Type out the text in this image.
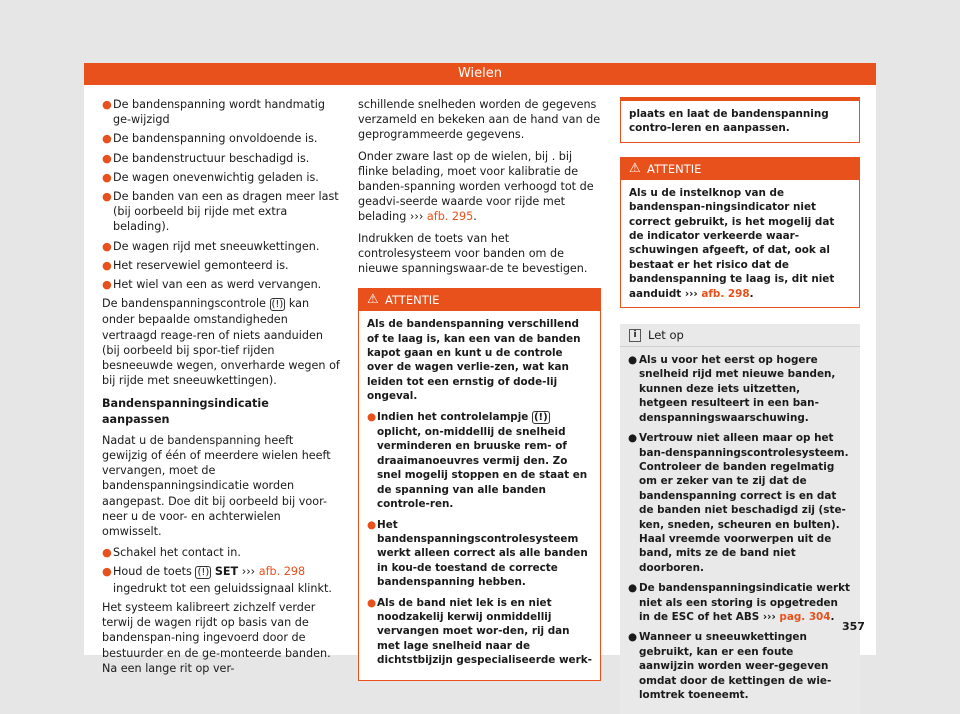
Wielen

● De bandenspanning wordt handmatig ge-wijzigd

● De bandenspanning onvoldoende is.

● De bandenstructuur beschadigd is.

● De wagen onevenwichtig geladen is.

● De banden van een as dragen meer last (bij oorbeeld bij rijde met extra belading).

● De wagen rijd met sneeuwkettingen.

● Het reservewiel gemonteerd is.

● Het wiel van een as werd vervangen.

De bandenspanningscontrole (!) kan onder bepaalde omstandigheden vertraagd reage-ren of niets aanduiden (bij oorbeeld bij spor-tief rijden besneeuwde wegen, onverharde wegen of bij rijde met sneeuwkettingen).

Bandenspanningsindicatie aanpassen

Nadat u de bandenspanning heeft gewijzig of één of meerdere wielen heeft vervangen, moet de bandenspanningsindicatie worden aangepast. Doe dit bij oorbeeld bij voor-neer u de voor- en achterwielen omwisselt.

● Schakel het contact in.

● Houd de toets (!) SET ››› afb. 298 ingedrukt tot een geluidssignaal klinkt.

Het systeem kalibreert zichzelf verder terwij de wagen rijdt op basis van de bandenspan-ning ingevoerd door de bestuurder en de ge-monteerde banden. Na een lange rit op ver-

schillende snelheden worden de gegevens verzameld en bekeken aan de hand van de geprogrammeerde gegevens.

Onder zware last op de wielen, bij . bij flinke belading, moet voor kalibratie de banden-spanning worden verhoogd tot de geadvi-seerde waarde voor rijde met belading ››› afb. 295.

Indrukken de toets van het controlesysteem voor banden om de nieuwe spanningswaar-de te bevestigen.

⚠ ATTENTIE

Als de bandenspanning verschillend of te laag is, kan een van de banden kapot gaan en kunt u de controle over de wagen verlie-zen, wat kan leiden tot een ernstig of dode-lij ongeval.

● Indien het controlelampje (!) oplicht, on-middellij de snelheid verminderen en bruuske rem- of draaimanoeuvres vermij den. Zo snel mogelij stoppen en de staat en de spanning van alle banden controle-ren.

● Het bandenspanningscontrolesysteem werkt alleen correct als alle banden in kou-de toestand de correcte bandenspanning hebben.

● Als de band niet lek is en niet noodzakelij kerwij onmiddellij vervangen moet wor-den, rij dan met lage snelheid naar de dichtstbijzijn gespecialiseerde werk-

plaats en laat de bandenspanning contro-leren en aanpassen.

⚠ ATTENTIE

Als u de instelknop van de bandenspan-ningsindicator niet correct gebruikt, is het mogelij dat de indicator verkeerde waar-schuwingen afgeeft, of dat, ook al bestaat er het risico dat de bandenspanning te laag is, dit niet aanduidt ››› afb. 298.

i Let op

● Als u voor het eerst op hogere snelheid rijd met nieuwe banden, kunnen deze iets uitzetten, hetgeen resulteert in een ban-denspanningswaarschuwing.

● Vertrouw niet alleen maar op het ban-denspanningscontrolesysteem. Controleer de banden regelmatig om er zeker van te zij dat de bandenspanning correct is en dat de banden niet beschadigd zij (ste-ken, sneden, scheuren en bulten). Haal vreemde voorwerpen uit de band, mits ze de band niet doorboren.

● De bandenspanningsindicatie werkt niet als een storing is opgetreden in de ESC of het ABS ››› pag. 304.

● Wanneer u sneeuwkettingen gebruikt, kan er een foute aanwijzin worden weer-gegeven omdat door de kettingen de wie-lomtrek toeneemt.

357
